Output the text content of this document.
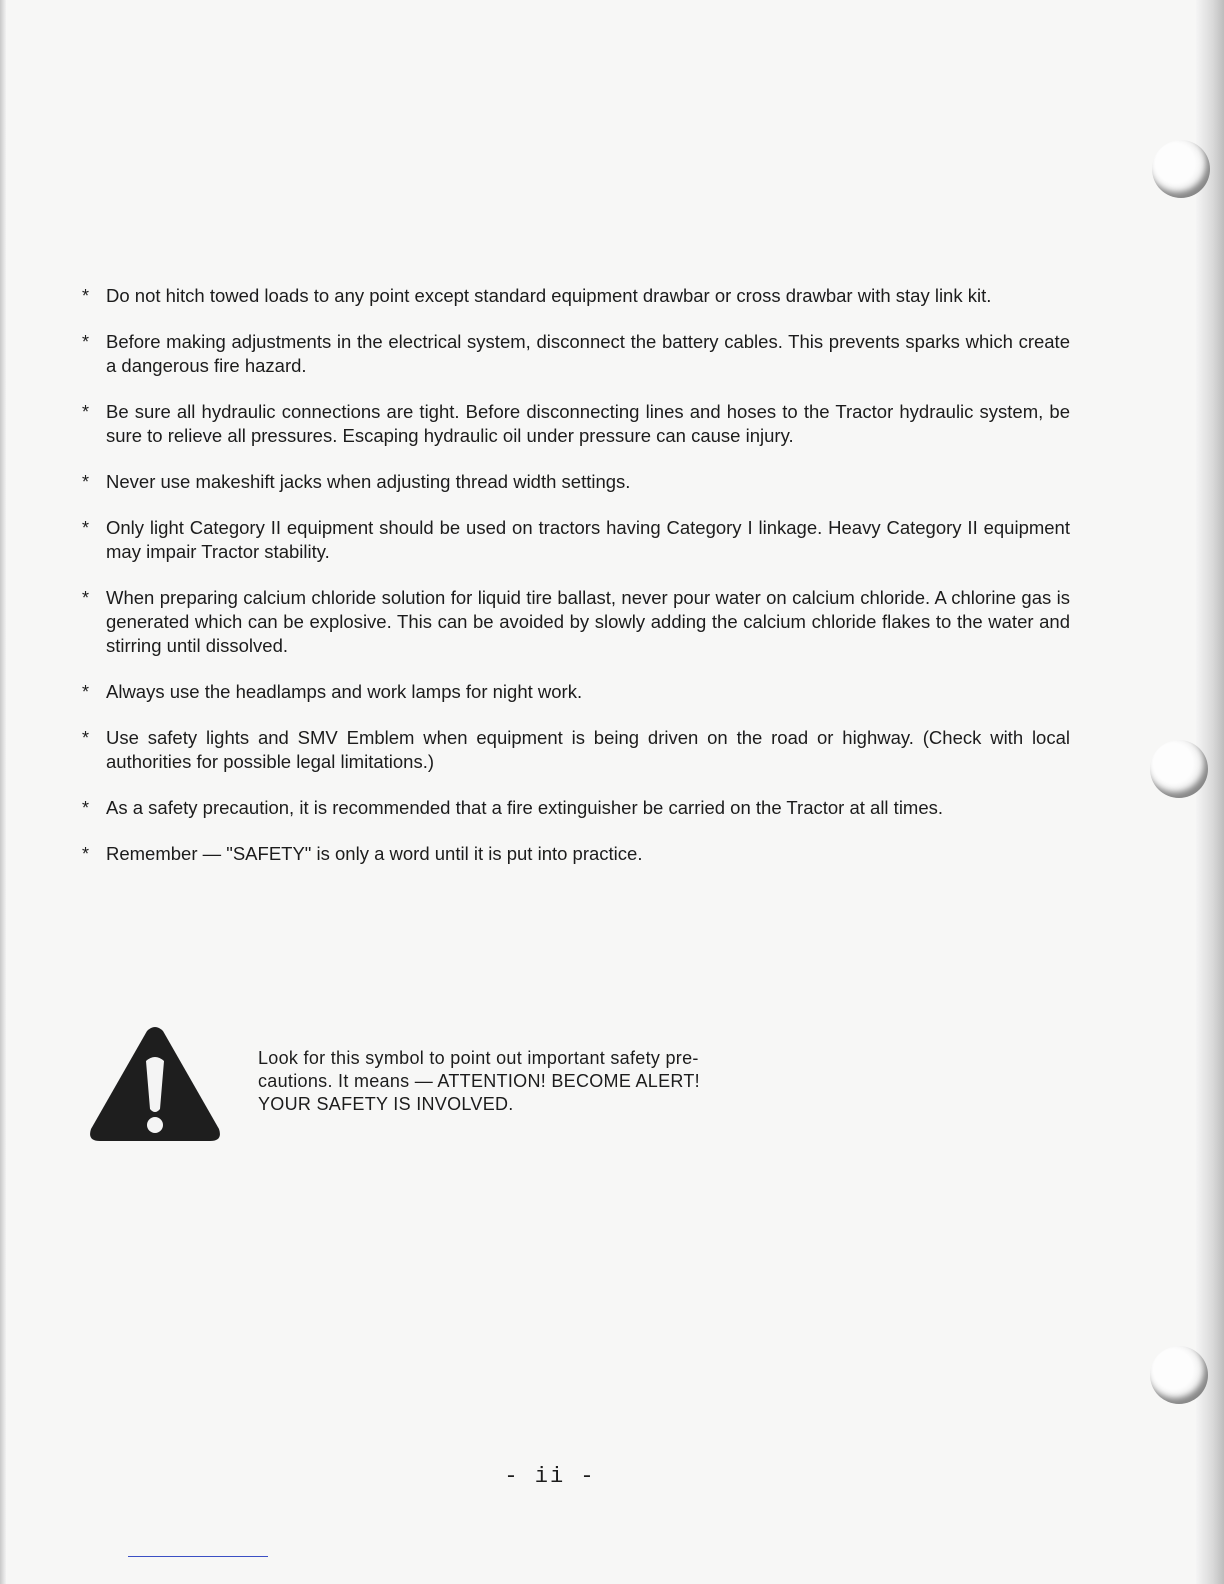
* Do not hitch towed loads to any point except standard equipment drawbar or cross drawbar with stay link kit.
* Before making adjustments in the electrical system, disconnect the battery cables. This prevents sparks which create a dangerous fire hazard.
* Be sure all hydraulic connections are tight. Before disconnecting lines and hoses to the Tractor hydraulic system, be sure to relieve all pressures. Escaping hydraulic oil under pressure can cause injury.
* Never use makeshift jacks when adjusting thread width settings.
* Only light Category II equipment should be used on tractors having Category I linkage. Heavy Category II equipment may impair Tractor stability.
* When preparing calcium chloride solution for liquid tire ballast, never pour water on calcium chloride. A chlorine gas is generated which can be explosive. This can be avoided by slowly adding the calcium chloride flakes to the water and stirring until dissolved.
* Always use the headlamps and work lamps for night work.
* Use safety lights and SMV Emblem when equipment is being driven on the road or highway. (Check with local authorities for possible legal limitations.)
* As a safety precaution, it is recommended that a fire extinguisher be carried on the Tractor at all times.
* Remember — "SAFETY" is only a word until it is put into practice.
Look for this symbol to point out important safety pre-
cautions. It means — ATTENTION! BECOME ALERT!
YOUR SAFETY IS INVOLVED.
- ii -
